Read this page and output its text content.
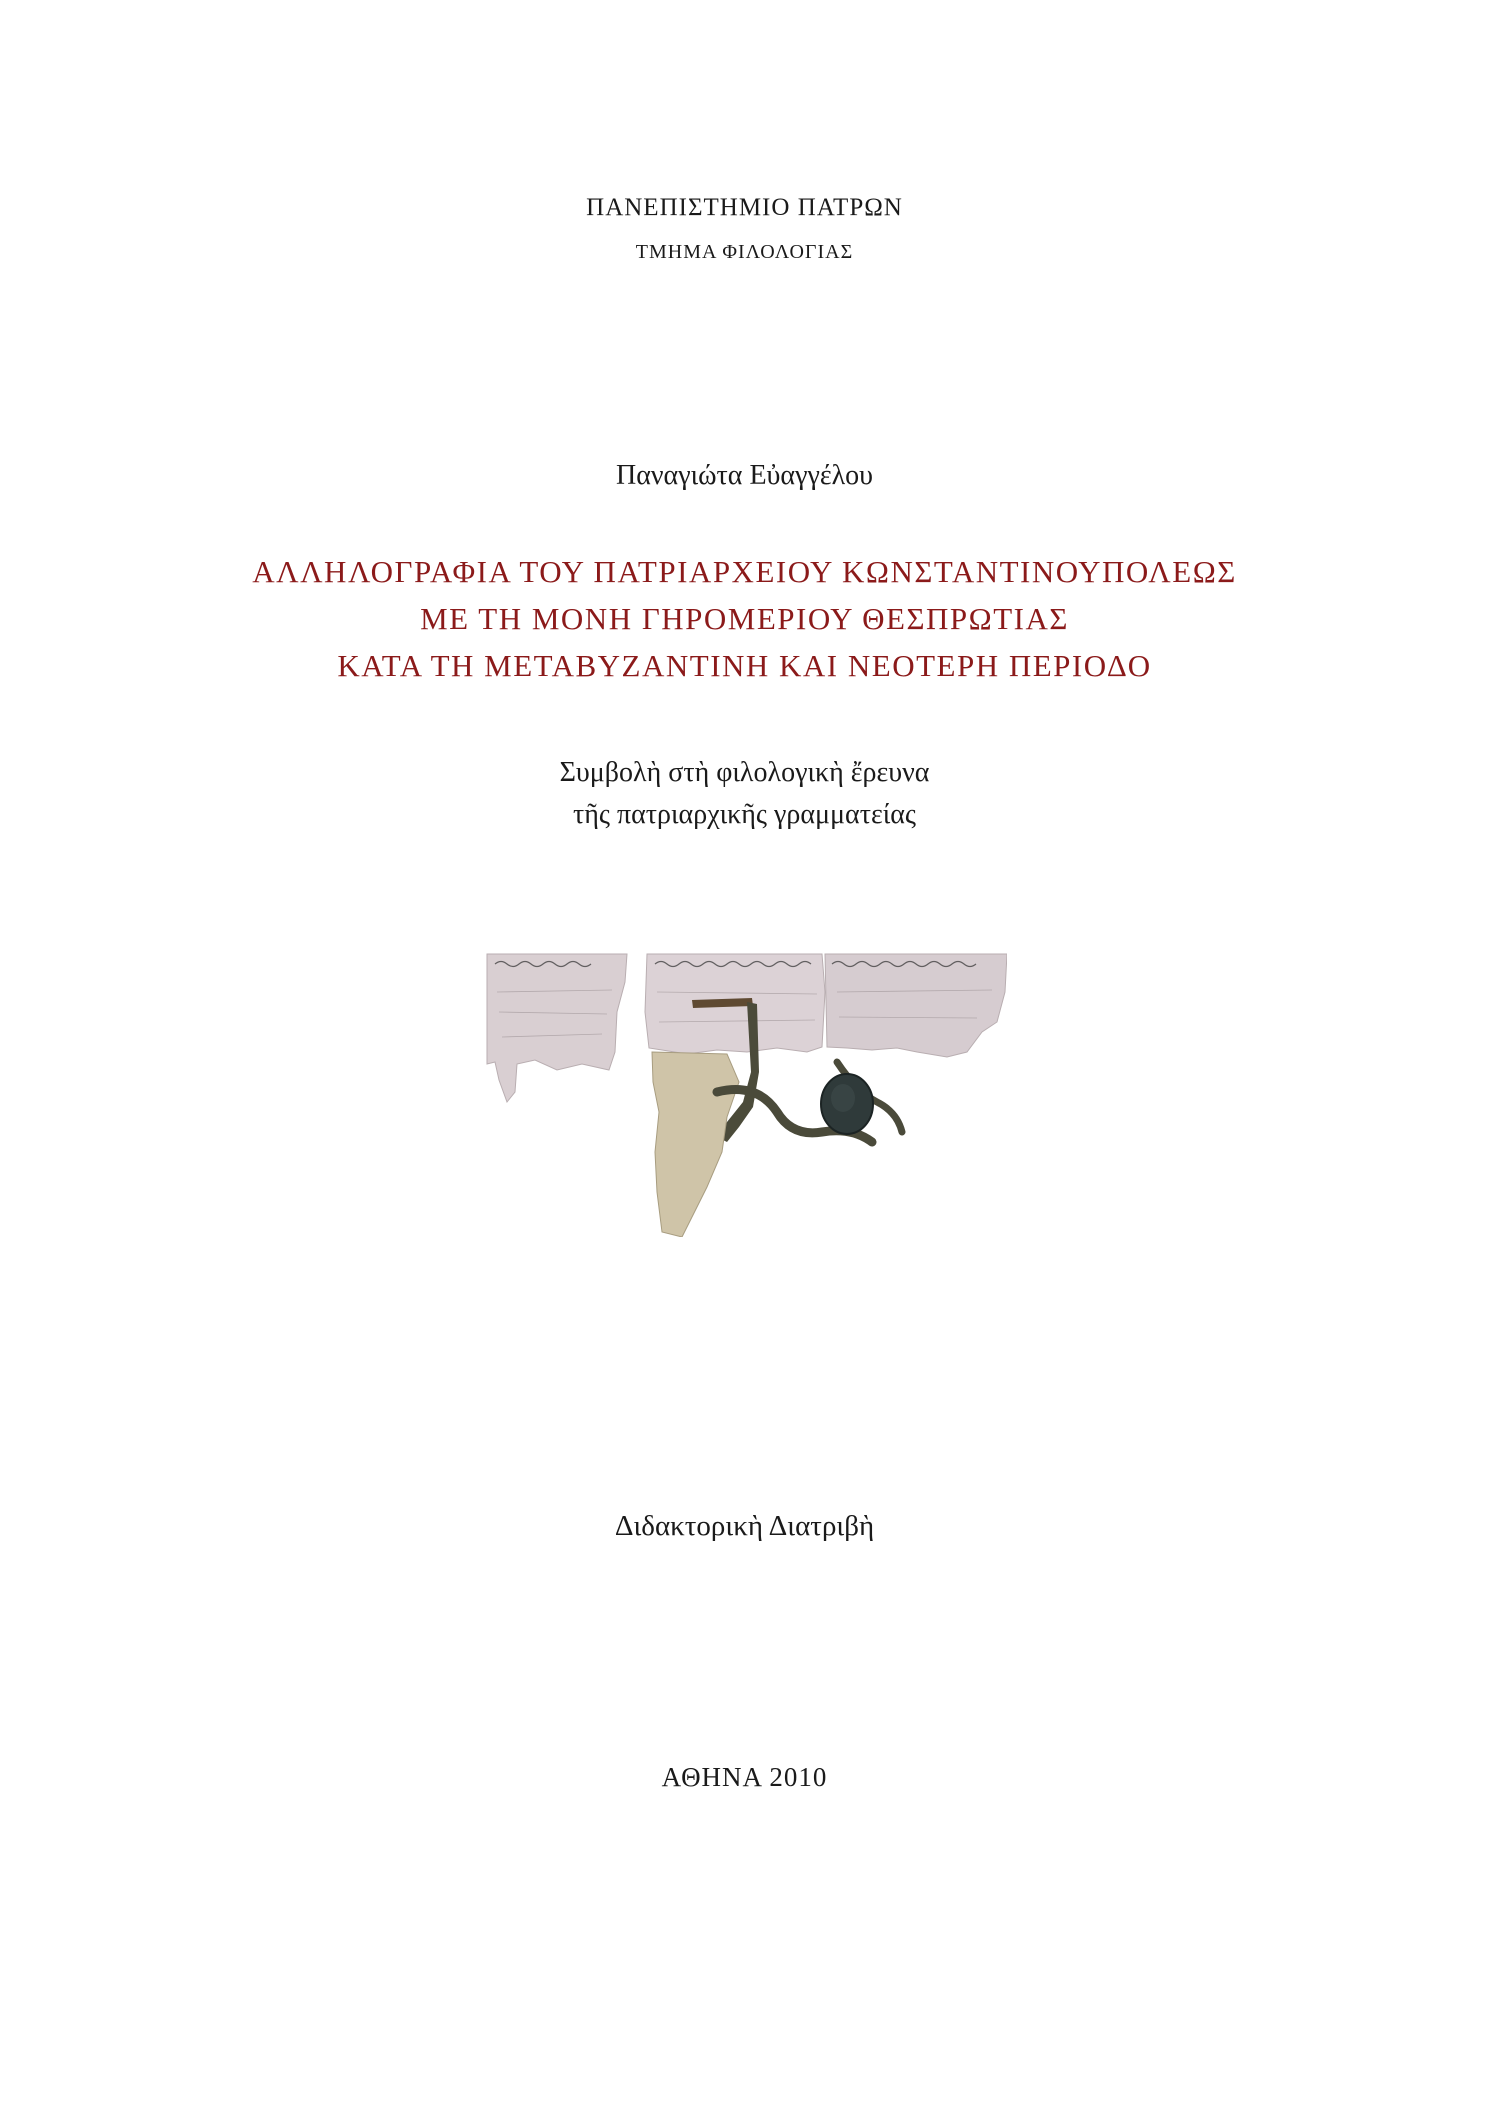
ΠΑΝΕΠΙΣΤΗΜΙΟ ΠΑΤΡΩΝ
ΤΜΗΜΑ ΦΙΛΟΛΟΓΙΑΣ
Παναγιώτα Εὐαγγέλου
ΑΛΛΗΛΟΓΡΑΦΙΑ ΤΟΥ ΠΑΤΡΙΑΡΧΕΙΟΥ ΚΩΝΣΤΑΝΤΙΝΟΥΠΟΛΕΩΣ
ΜΕ ΤΗ ΜΟΝΗ ΓΗΡΟΜΕΡΙΟΥ ΘΕΣΠΡΩΤΙΑΣ
ΚΑΤΑ ΤΗ ΜΕΤΑΒΥΖΑΝΤΙΝΗ ΚΑΙ ΝΕΟΤΕΡΗ ΠΕΡΙΟΔΟ
Συμβολὴ στὴ φιλολογικὴ ἔρευνα
τῆς πατριαρχικῆς γραμματείας
Διδακτορικὴ Διατριβὴ
ΑΘΗΝΑ 2010
